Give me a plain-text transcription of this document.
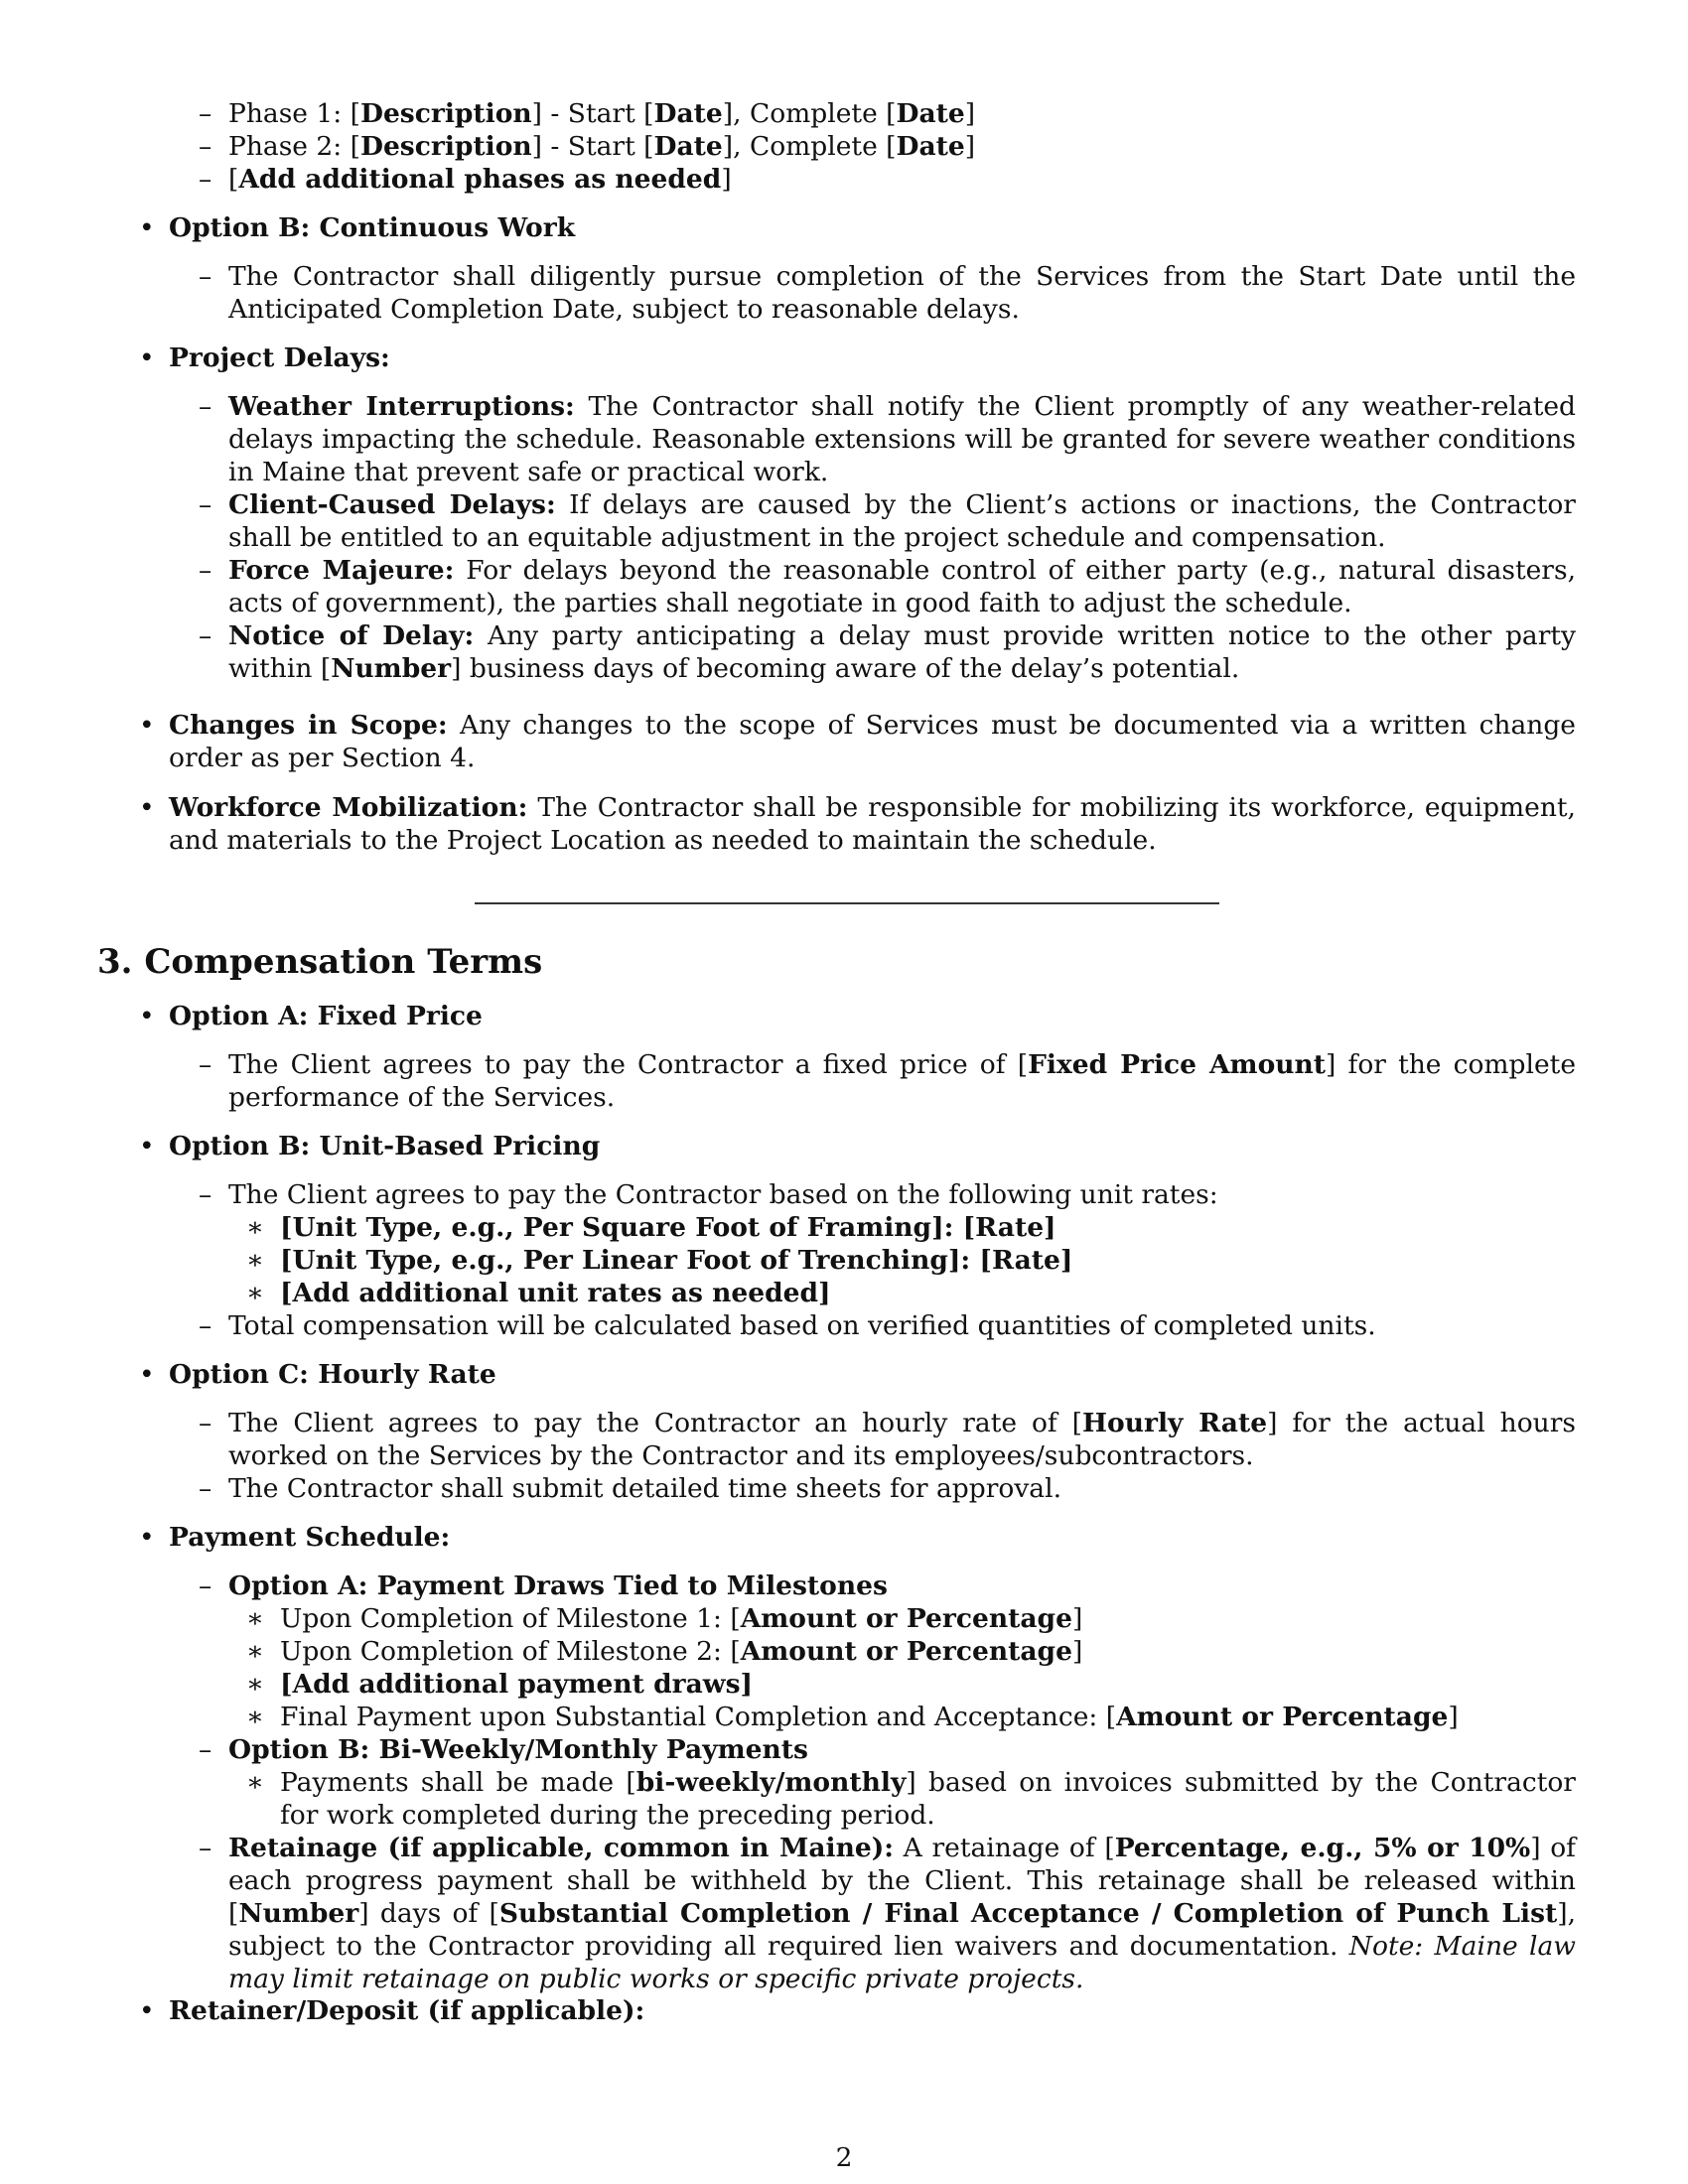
– Phase 1: [Description] - Start [Date], Complete [Date]
– Phase 2: [Description] - Start [Date], Complete [Date]
– [Add additional phases as needed]
• Option B: Continuous Work
– The Contractor shall diligently pursue completion of the Services from the Start Date until the Anticipated Completion Date, subject to reasonable delays.
• Project Delays:
– Weather Interruptions: The Contractor shall notify the Client promptly of any weather-related delays impacting the schedule. Reasonable extensions will be granted for severe weather conditions in Maine that prevent safe or practical work.
– Client-Caused Delays: If delays are caused by the Client’s actions or inactions, the Contractor shall be entitled to an equitable adjustment in the project schedule and compensation.
– Force Majeure: For delays beyond the reasonable control of either party (e.g., natural disasters, acts of government), the parties shall negotiate in good faith to adjust the schedule.
– Notice of Delay: Any party anticipating a delay must provide written notice to the other party within [Number] business days of becoming aware of the delay’s potential.
• Changes in Scope: Any changes to the scope of Services must be documented via a written change order as per Section 4.
• Workforce Mobilization: The Contractor shall be responsible for mobilizing its workforce, equipment, and materials to the Project Location as needed to maintain the schedule.
3. Compensation Terms
• Option A: Fixed Price
– The Client agrees to pay the Contractor a fixed price of [Fixed Price Amount] for the complete performance of the Services.
• Option B: Unit-Based Pricing
– The Client agrees to pay the Contractor based on the following unit rates:
∗ [Unit Type, e.g., Per Square Foot of Framing]: [Rate]
∗ [Unit Type, e.g., Per Linear Foot of Trenching]: [Rate]
∗ [Add additional unit rates as needed]
– Total compensation will be calculated based on verified quantities of completed units.
• Option C: Hourly Rate
– The Client agrees to pay the Contractor an hourly rate of [Hourly Rate] for the actual hours worked on the Services by the Contractor and its employees/subcontractors.
– The Contractor shall submit detailed time sheets for approval.
• Payment Schedule:
– Option A: Payment Draws Tied to Milestones
∗ Upon Completion of Milestone 1: [Amount or Percentage]
∗ Upon Completion of Milestone 2: [Amount or Percentage]
∗ [Add additional payment draws]
∗ Final Payment upon Substantial Completion and Acceptance: [Amount or Percentage]
– Option B: Bi-Weekly/Monthly Payments
∗ Payments shall be made [bi-weekly/monthly] based on invoices submitted by the Contractor for work completed during the preceding period.
– Retainage (if applicable, common in Maine): A retainage of [Percentage, e.g., 5% or 10%] of each progress payment shall be withheld by the Client. This retainage shall be released within [Number] days of [Substantial Completion / Final Acceptance / Completion of Punch List], subject to the Contractor providing all required lien waivers and documentation. Note: Maine law may limit retainage on public works or specific private projects.
• Retainer/Deposit (if applicable):
2
